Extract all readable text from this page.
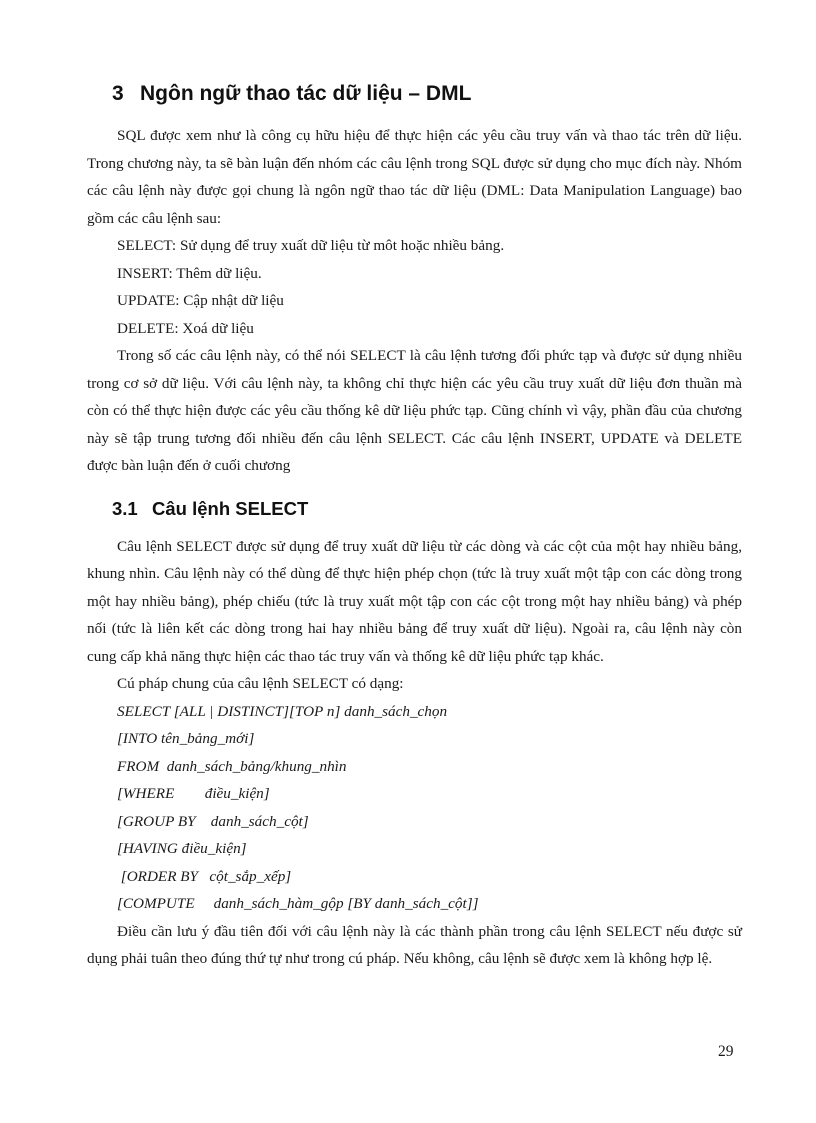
3 Ngôn ngữ thao tác dữ liệu – DML

SQL được xem như là công cụ hữu hiệu để thực hiện các yêu cầu truy vấn và thao tác trên dữ liệu. Trong chương này, ta sẽ bàn luận đến nhóm các câu lệnh trong SQL được sử dụng cho mục đích này. Nhóm các câu lệnh này được gọi chung là ngôn ngữ thao tác dữ liệu (DML: Data Manipulation Language) bao gồm các câu lệnh sau:

SELECT: Sử dụng để truy xuất dữ liệu từ môt hoặc nhiều bảng.

INSERT: Thêm dữ liệu.

UPDATE: Cập nhật dữ liệu

DELETE: Xoá dữ liệu

Trong số các câu lệnh này, có thể nói SELECT là câu lệnh tương đối phức tạp và được sử dụng nhiều trong cơ sở dữ liệu. Với câu lệnh này, ta không chỉ thực hiện các yêu cầu truy xuất dữ liệu đơn thuần mà còn có thể thực hiện được các yêu cầu thống kê dữ liệu phức tạp. Cũng chính vì vậy, phần đầu của chương này sẽ tập trung tương đối nhiều đến câu lệnh SELECT. Các câu lệnh INSERT, UPDATE và DELETE được bàn luận đến ở cuối chương

3.1 Câu lệnh SELECT

Câu lệnh SELECT được sử dụng để truy xuất dữ liệu từ các dòng và các cột của một hay nhiều bảng, khung nhìn. Câu lệnh này có thể dùng để thực hiện phép chọn (tức là truy xuất một tập con các dòng trong một hay nhiều bảng), phép chiếu (tức là truy xuất một tập con các cột trong một hay nhiều bảng) và phép nối (tức là liên kết các dòng trong hai hay nhiều bảng để truy xuất dữ liệu). Ngoài ra, câu lệnh này còn cung cấp khả năng thực hiện các thao tác truy vấn và thống kê dữ liệu phức tạp khác.

Cú pháp chung của câu lệnh SELECT có dạng:

SELECT [ALL | DISTINCT][TOP n] danh_sách_chọn
[INTO tên_bảng_mới]
FROM  danh_sách_bảng/khung_nhìn
[WHERE        điều_kiện]
[GROUP BY    danh_sách_cột]
[HAVING điều_kiện]
[ORDER BY   cột_sắp_xếp]
[COMPUTE     danh_sách_hàm_gộp [BY danh_sách_cột]]

Điều cần lưu ý đầu tiên đối với câu lệnh này là các thành phần trong câu lệnh SELECT nếu được sử dụng phải tuân theo đúng thứ tự như trong cú pháp. Nếu không, câu lệnh sẽ được xem là không hợp lệ.

29
